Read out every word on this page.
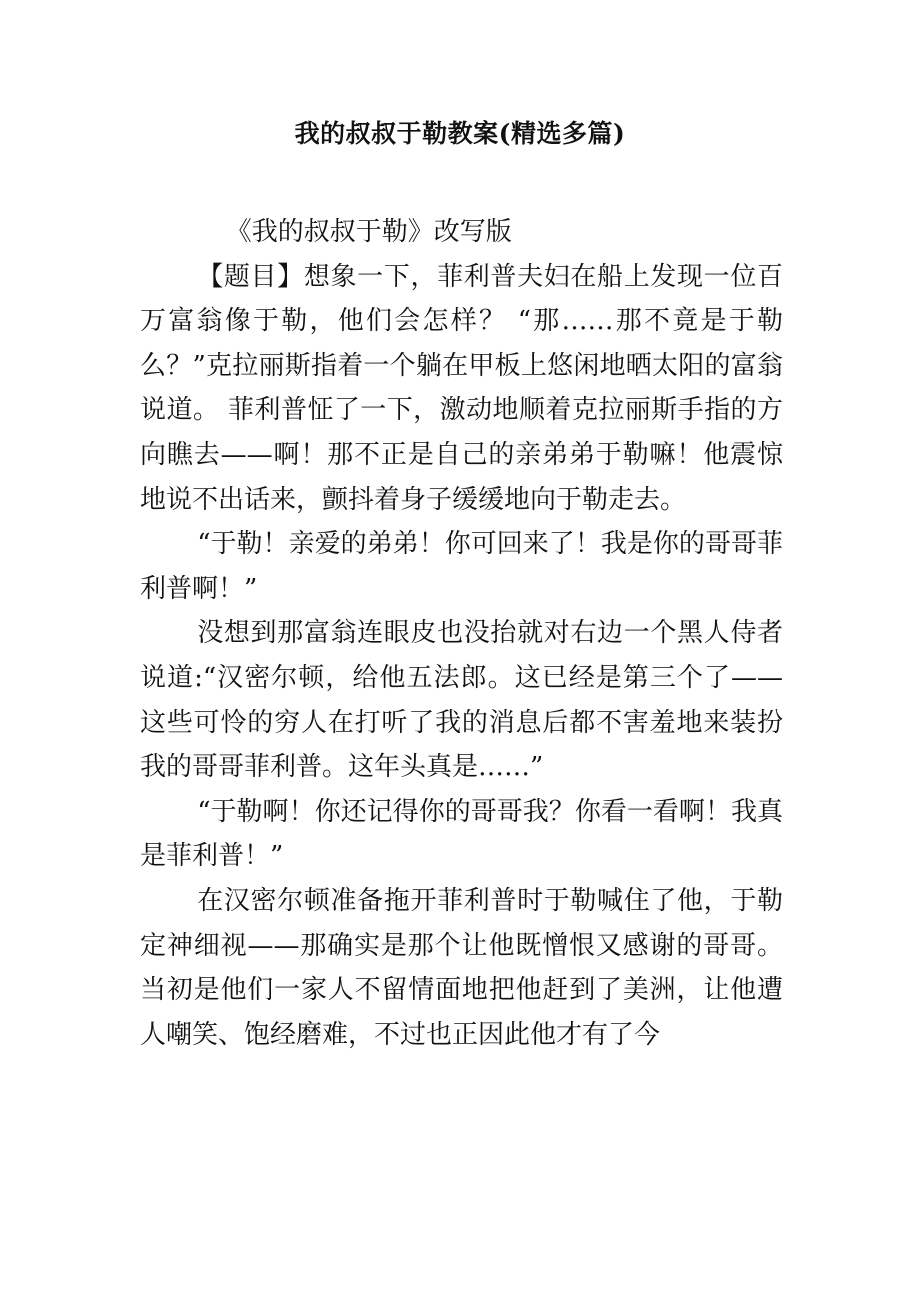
我的叔叔于勒教案(精选多篇)

《我的叔叔于勒》改写版

【题目】想象一下，菲利普夫妇在船上发现一位百万富翁像于勒，他们会怎样？ “那……那不竟是于勒么？”克拉丽斯指着一个躺在甲板上悠闲地晒太阳的富翁说道。 菲利普怔了一下，激动地顺着克拉丽斯手指的方向瞧去——啊！那不正是自己的亲弟弟于勒嘛！他震惊地说不出话来，颤抖着身子缓缓地向于勒走去。

“于勒！亲爱的弟弟！你可回来了！我是你的哥哥菲利普啊！”

没想到那富翁连眼皮也没抬就对右边一个黑人侍者说道:“汉密尔顿，给他五法郎。这已经是第三个了——这些可怜的穷人在打听了我的消息后都不害羞地来装扮我的哥哥菲利普。这年头真是……”

“于勒啊！你还记得你的哥哥我？你看一看啊！我真是菲利普！”

在汉密尔顿准备拖开菲利普时于勒喊住了他，于勒定神细视——那确实是那个让他既憎恨又感谢的哥哥。当初是他们一家人不留情面地把他赶到了美洲，让他遭人嘲笑、饱经磨难，不过也正因此他才有了今
